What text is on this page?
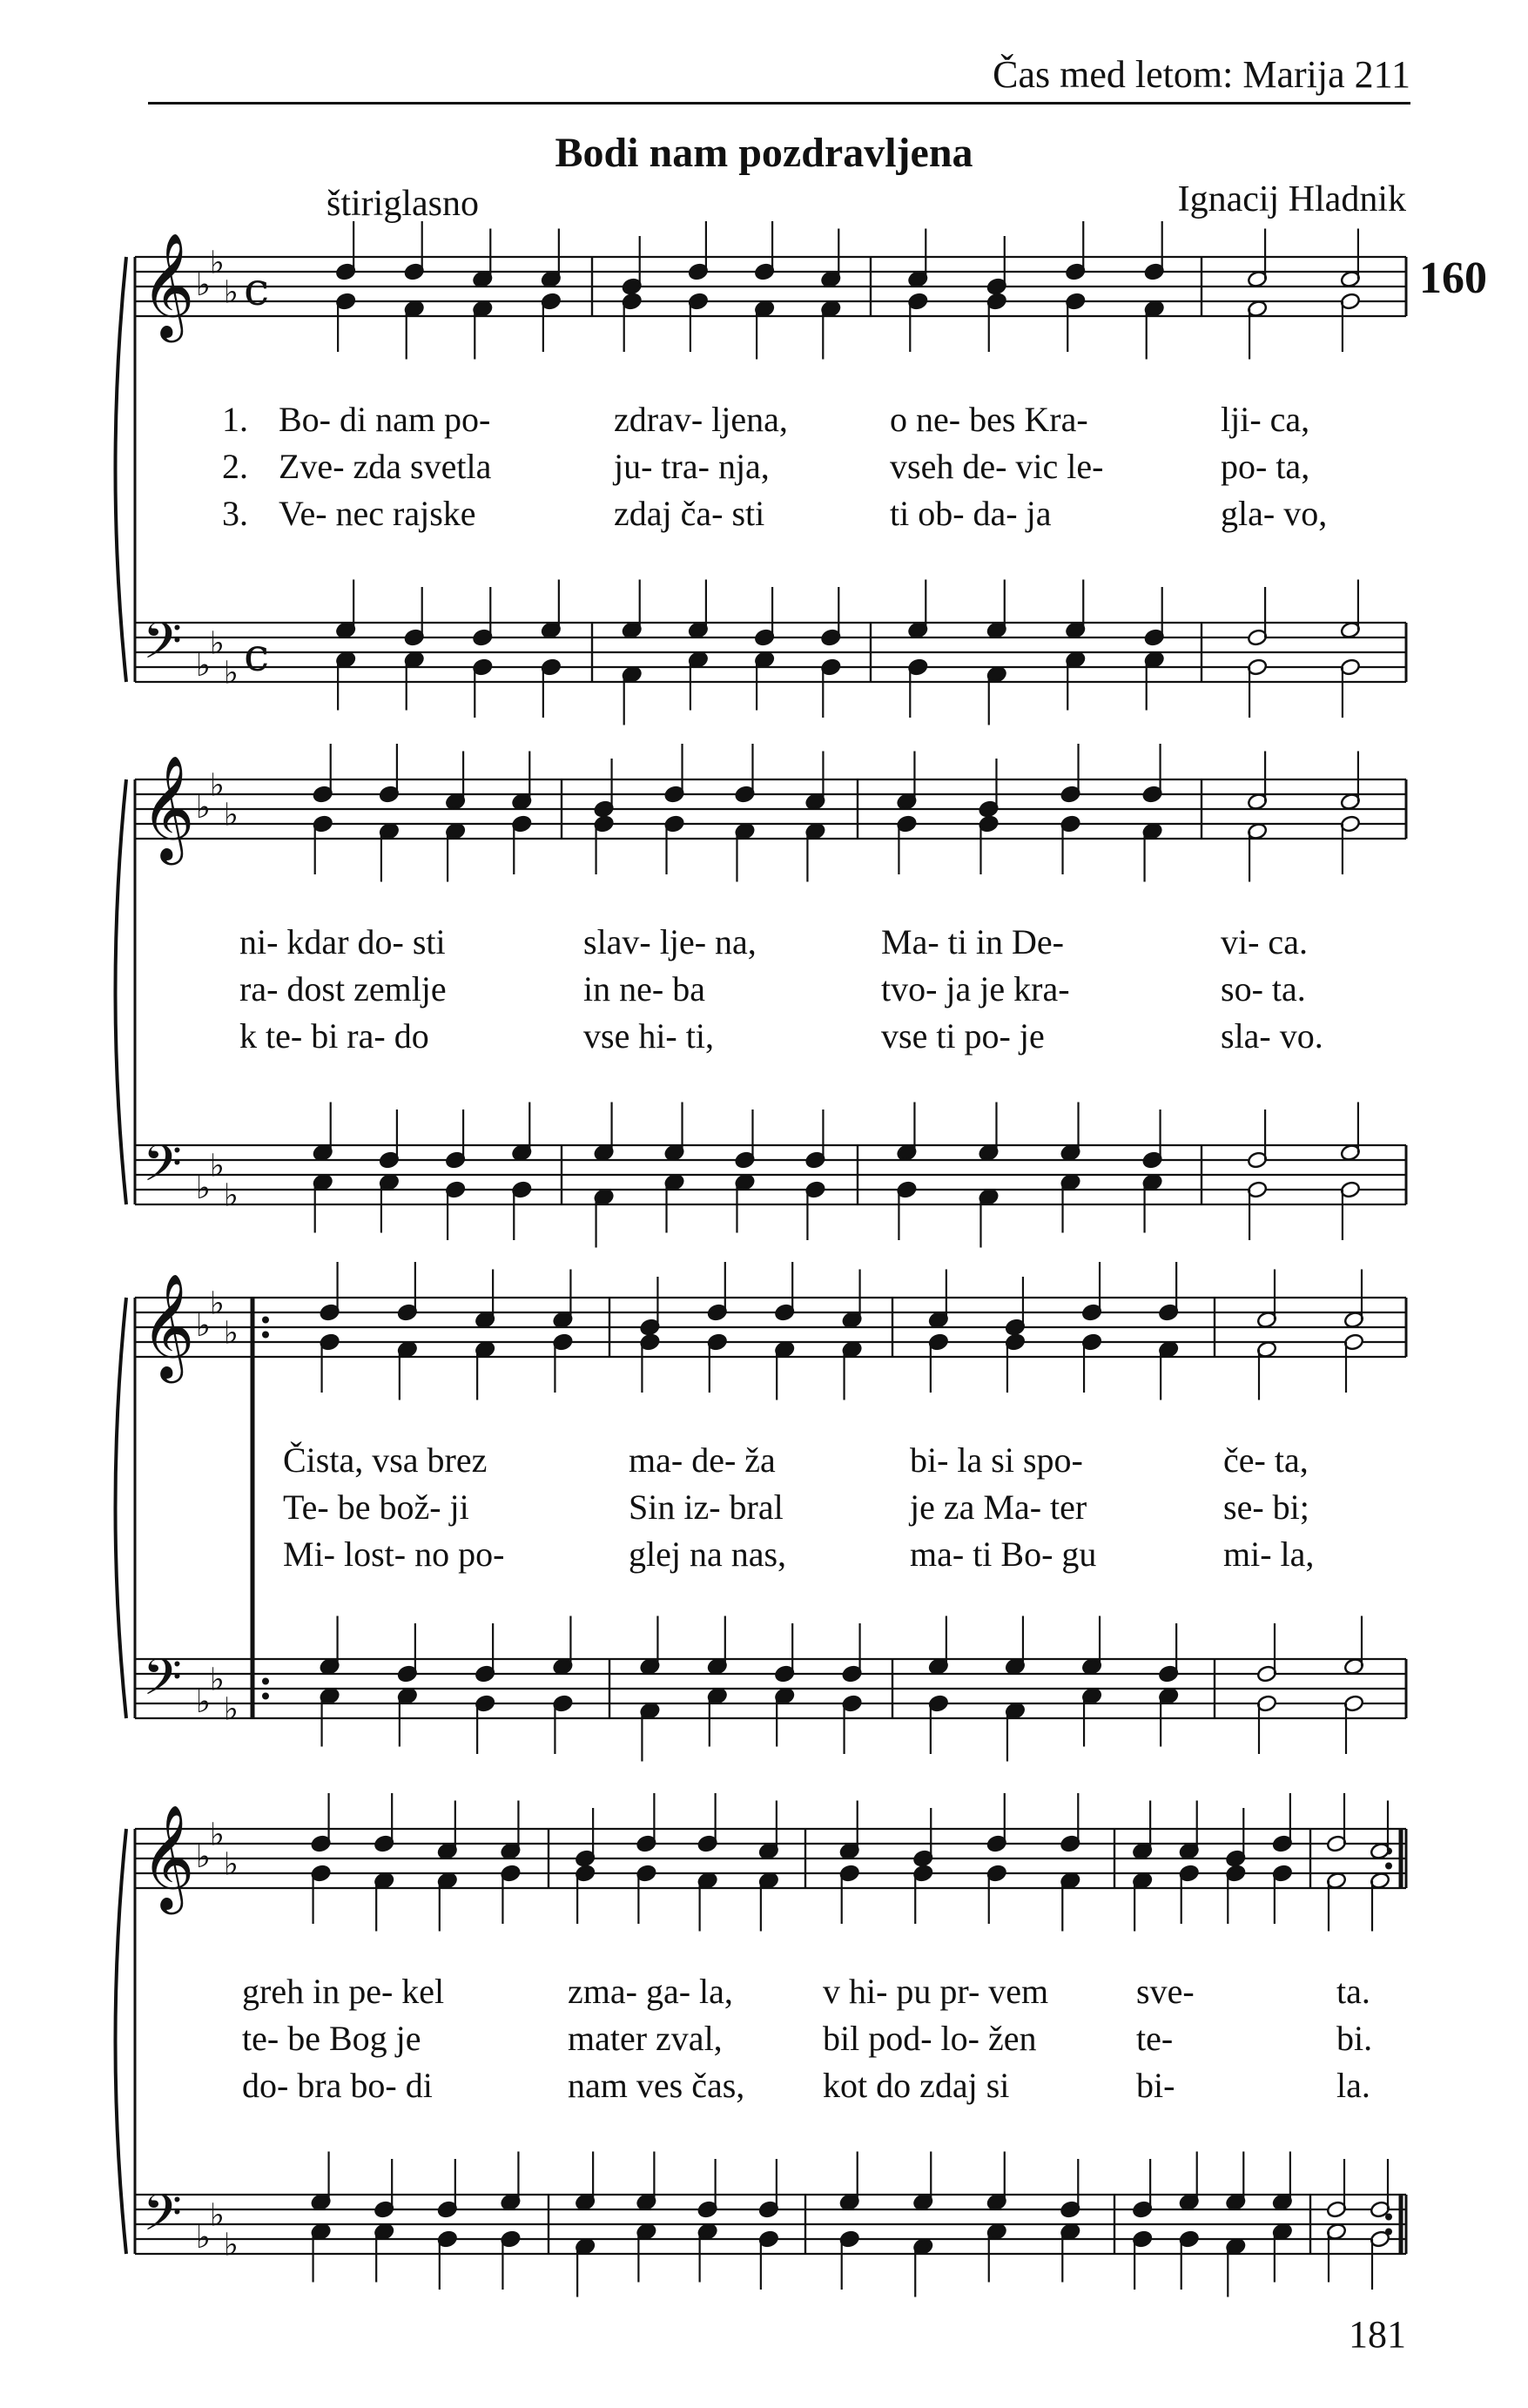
Čas med letom: Marija 211
Bodi nam pozdravljena
štiriglasno	Ignacij Hladnik
160
𝄞
𝄢
♭
♭
♭
♭
♭
♭
c
c
𝄞
𝄢
♭
♭
♭
♭
♭
♭
𝄞
𝄢
♭
♭
♭
♭
♭
♭
𝄞
𝄢
♭
♭
♭
♭
♭
♭
1.
2.
3.
Bo- di nam po-
Zve- zda svetla
Ve- nec rajske
zdrav- ljena,
ju- tra- nja,
zdaj ča- sti
o ne- bes Kra-
vseh de- vic le-
ti ob- da- ja
lji- ca,
po- ta,
gla- vo,
ni- kdar do- sti
ra- dost zemlje
k te- bi ra- do
slav- lje- na,
in ne- ba
vse hi- ti,
Ma- ti in De-
tvo- ja je kra-
vse ti po- je
vi- ca.
so- ta.
sla- vo.
Čista, vsa brez
Te- be bož- ji
Mi- lost- no po-
ma- de- ža
Sin iz- bral
glej na nas,
bi- la si spo-
je za Ma- ter
ma- ti Bo- gu
če- ta,
se- bi;
mi- la,
greh in pe- kel
te- be Bog je
do- bra bo- di
zma- ga- la,
mater zval,
nam ves čas,
v hi- pu pr- vem
bil pod- lo- žen
kot do zdaj si
sve-
te-
bi-
ta.
bi.
la.
181
